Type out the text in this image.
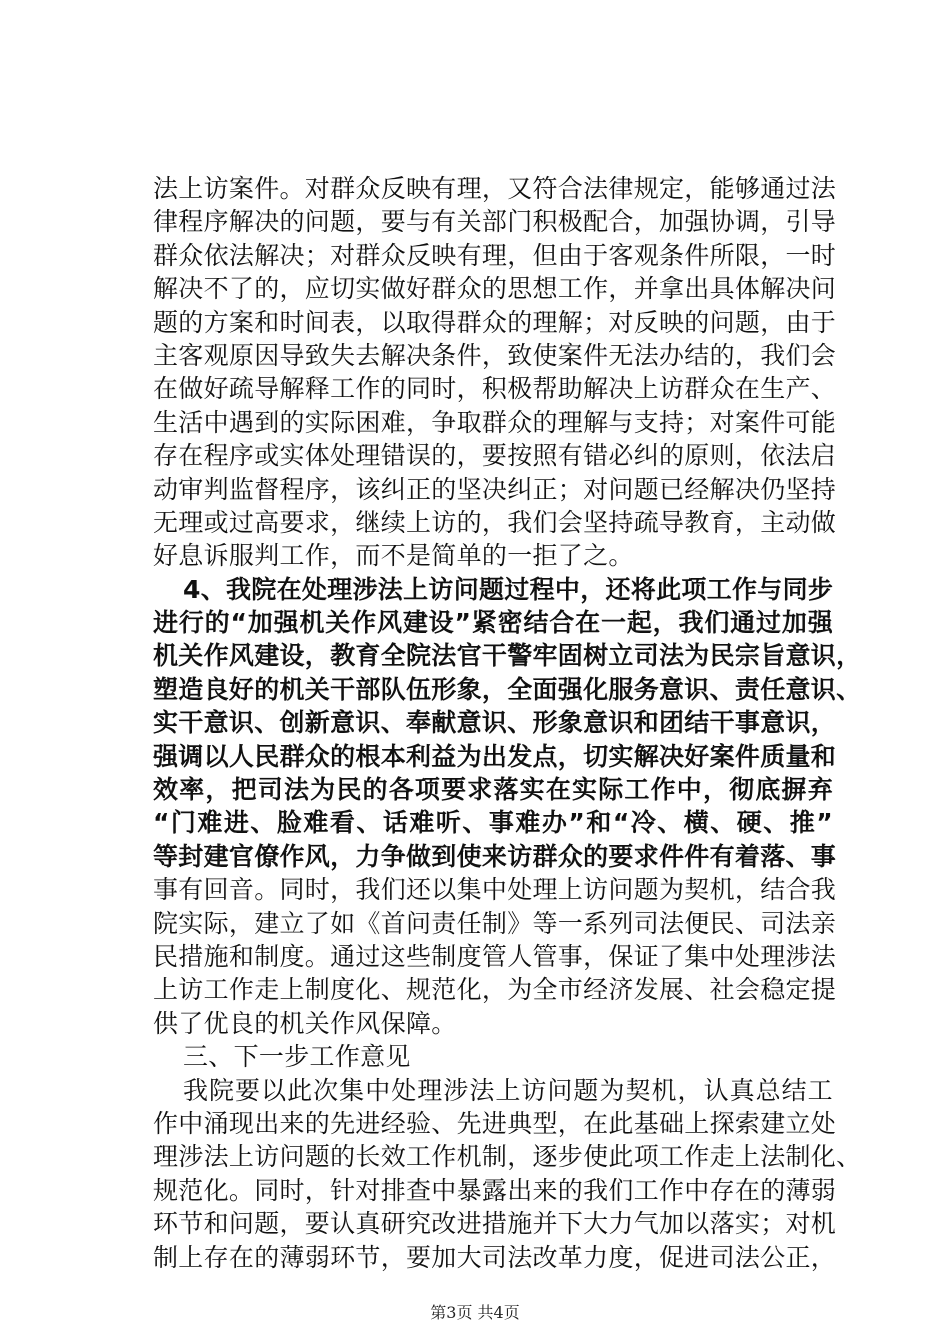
法上访案件。对群众反映有理，又符合法律规定，能够通过法
律程序解决的问题，要与有关部门积极配合，加强协调，引导
群众依法解决；对群众反映有理，但由于客观条件所限，一时
解决不了的，应切实做好群众的思想工作，并拿出具体解决问
题的方案和时间表，以取得群众的理解；对反映的问题，由于
主客观原因导致失去解决条件，致使案件无法办结的，我们会
在做好疏导解释工作的同时，积极帮助解决上访群众在生产、
生活中遇到的实际困难，争取群众的理解与支持；对案件可能
存在程序或实体处理错误的，要按照有错必纠的原则，依法启
动审判监督程序，该纠正的坚决纠正；对问题已经解决仍坚持
无理或过高要求，继续上访的，我们会坚持疏导教育，主动做
好息诉服判工作，而不是简单的一拒了之。
4、我院在处理涉法上访问题过程中，还将此项工作与同步
进行的“加强机关作风建设”紧密结合在一起，我们通过加强
机关作风建设，教育全院法官干警牢固树立司法为民宗旨意识，
塑造良好的机关干部队伍形象，全面强化服务意识、责任意识、
实干意识、创新意识、奉献意识、形象意识和团结干事意识，
强调以人民群众的根本利益为出发点，切实解决好案件质量和
效率，把司法为民的各项要求落实在实际工作中，彻底摒弃
“门难进、脸难看、话难听、事难办”和“冷、横、硬、推”
等封建官僚作风，力争做到使来访群众的要求件件有着落、事
事有回音。同时，我们还以集中处理上访问题为契机，结合我
院实际，建立了如《首问责任制》等一系列司法便民、司法亲
民措施和制度。通过这些制度管人管事，保证了集中处理涉法
上访工作走上制度化、规范化，为全市经济发展、社会稳定提
供了优良的机关作风保障。
三、下一步工作意见
我院要以此次集中处理涉法上访问题为契机，认真总结工
作中涌现出来的先进经验、先进典型，在此基础上探索建立处
理涉法上访问题的长效工作机制，逐步使此项工作走上法制化、
规范化。同时，针对排查中暴露出来的我们工作中存在的薄弱
环节和问题，要认真研究改进措施并下大力气加以落实；对机
制上存在的薄弱环节，要加大司法改革力度，促进司法公正，
第3页 共4页
